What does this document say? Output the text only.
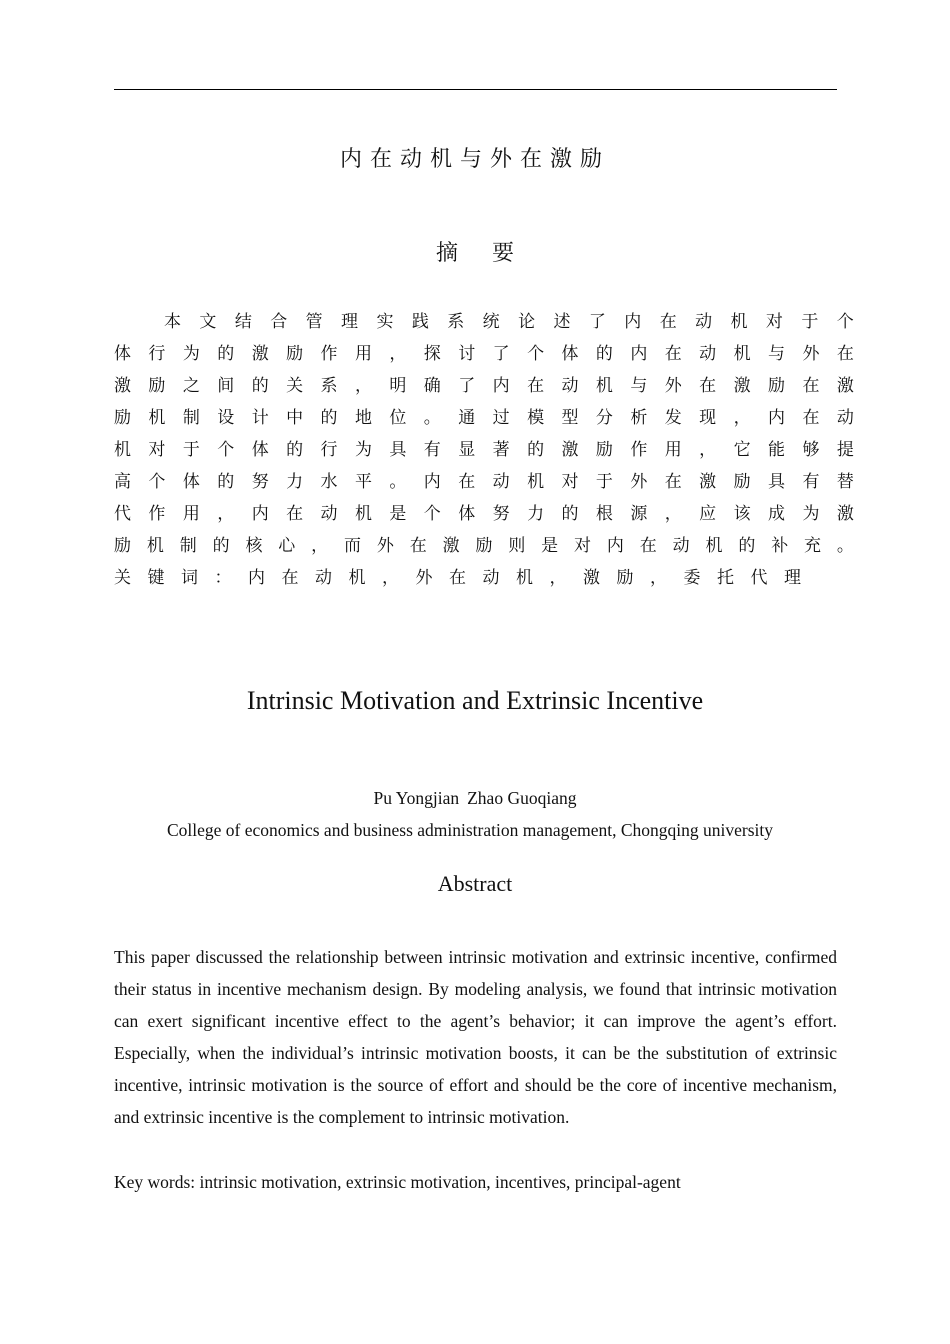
内在动机与外在激励
摘 要
本 文 结 合 管 理 实 践 系 统 论 述 了 内 在 动 机 对 于 个
体 行 为 的 激 励 作 用 ， 探 讨 了 个 体 的 内 在 动 机 与 外 在
激 励 之 间 的 关 系 ， 明 确 了 内 在 动 机 与 外 在 激 励 在 激
励 机 制 设 计 中 的 地 位 。 通 过 模 型 分 析 发 现 ， 内 在 动
机 对 于 个 体 的 行 为 具 有 显 著 的 激 励 作 用 ， 它 能 够 提
高 个 体 的 努 力 水 平 。 内 在 动 机 对 于 外 在 激 励 具 有 替
代 作 用 ， 内 在 动 机 是 个 体 努 力 的 根 源 ， 应 该 成 为 激
励 机 制 的 核 心 ， 而 外 在 激 励 则 是 对 内 在 动 机 的 补 充 。
关 键 词 ： 内 在 动 机 ， 外 在 动 机 ， 激 励 ， 委 托 代 理
Intrinsic Motivation and Extrinsic Incentive
Pu Yongjian Zhao Guoqiang
College of economics and business administration management, Chongqing university
Abstract

This paper discussed the relationship between intrinsic motivation and extrinsic incentive, confirmed their status in incentive mechanism design. By modeling analysis, we found that intrinsic motivation can exert significant incentive effect to the agent’s behavior; it can improve the agent’s effort. Especially, when the individual’s intrinsic motivation boosts, it can be the substitution of extrinsic incentive, intrinsic motivation is the source of effort and should be the core of incentive mechanism, and extrinsic incentive is the complement to intrinsic motivation.

Key words: intrinsic motivation, extrinsic motivation, incentives, principal-agent
